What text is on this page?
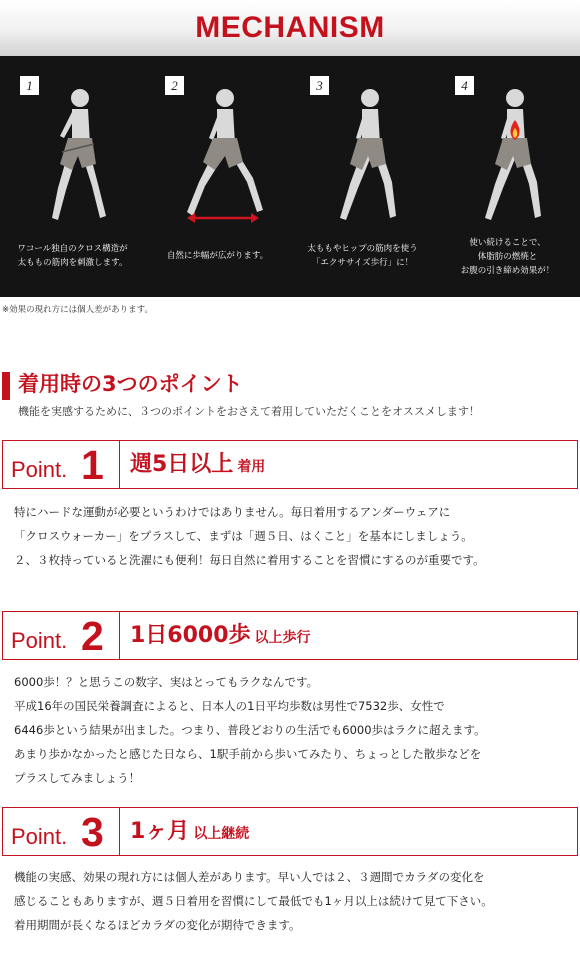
MECHANISM
ワコール独自のクロス構造が
太ももの筋肉を刺激します。
1
自然に歩幅が広がります。
2
太ももやヒップの筋肉を使う
「エクササイズ歩行」に！
3
使い続けることで、
体脂肪の燃焼と
お腹の引き締め効果が！
4
※効果の現れ方には個人差があります。
着用時の3つのポイント
機能を実感するために、３つのポイントをおさえて着用していただくことをオススメします！
Point. 1 週5日以上 着用
特にハードな運動が必要というわけではありません。毎日着用するアンダーウェアに
「クロスウォーカー」をプラスして、まずは「週５日、はくこと」を基本にしましょう。
２、３枚持っていると洗濯にも便利！毎日自然に着用することを習慣にするのが重要です。
Point. 2 1日6000歩 以上歩行
6000歩！？と思うこの数字、実はとってもラクなんです。
平成16年の国民栄養調査によると、日本人の1日平均歩数は男性で7532歩、女性で
6446歩という結果が出ました。つまり、普段どおりの生活でも6000歩はラクに超えます。
あまり歩かなかったと感じた日なら、1駅手前から歩いてみたり、ちょっとした散歩などを
プラスしてみましょう！
Point. 3 1ヶ月 以上継続
機能の実感、効果の現れ方には個人差があります。早い人では２、３週間でカラダの変化を
感じることもありますが、週５日着用を習慣にして最低でも1ヶ月以上は続けて見て下さい。
着用期間が長くなるほどカラダの変化が期待できます。
